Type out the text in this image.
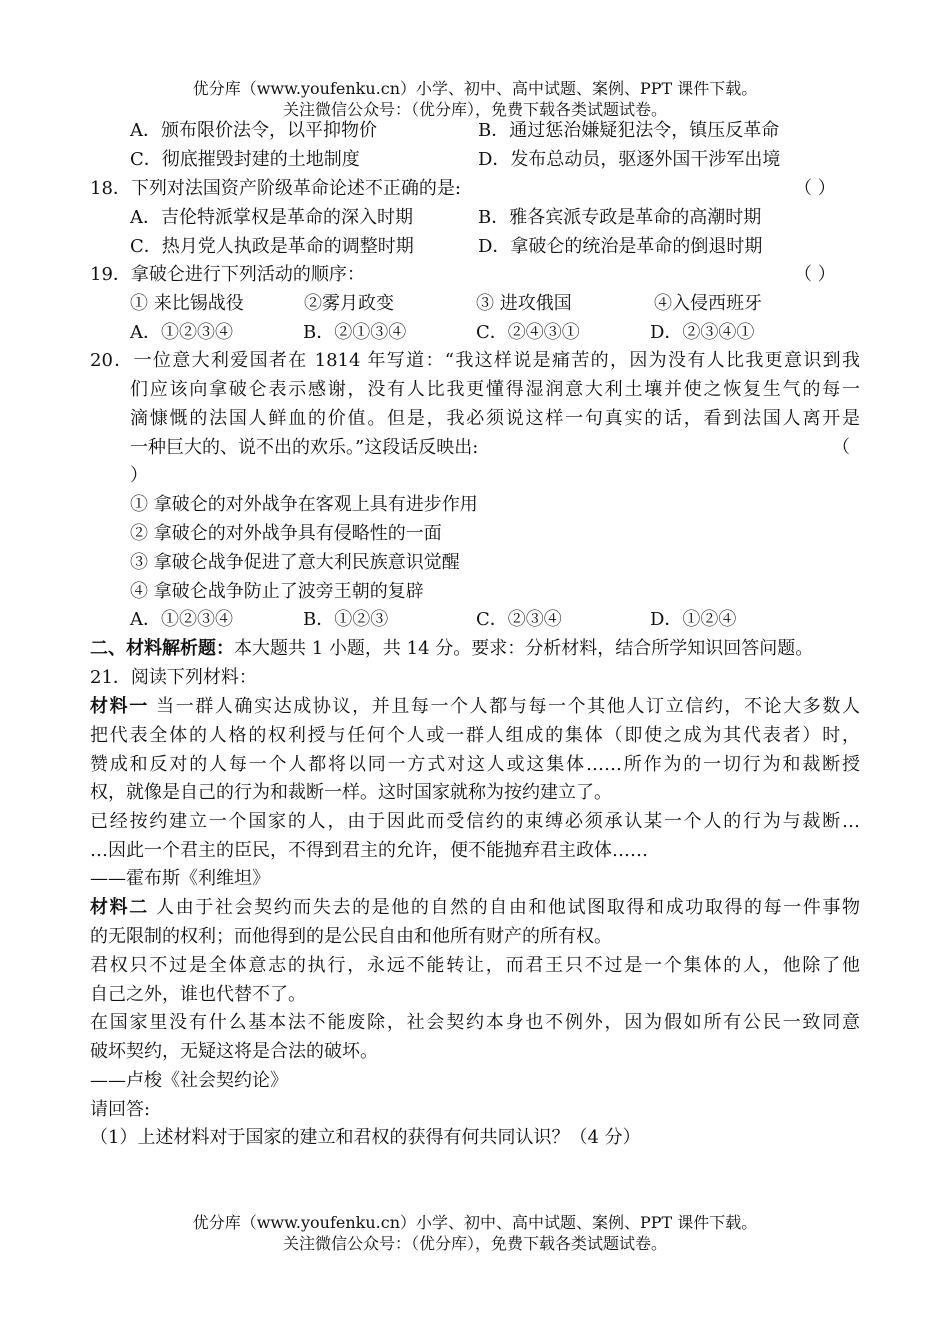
优分库（www.youfenku.cn）小学、初中、高中试题、案例、PPT 课件下载。
关注微信公众号：（优分库），免费下载各类试题试卷。
A．颁布限价法令，以平抑物价	B．通过惩治嫌疑犯法令，镇压反革命
C．彻底摧毁封建的土地制度	D．发布总动员，驱逐外国干涉军出境
18．下列对法国资产阶级革命论述不正确的是:	（ ）
A．吉伦特派掌权是革命的深入时期	B．雅各宾派专政是革命的高潮时期
C．热月党人执政是革命的调整时期	D．拿破仑的统治是革命的倒退时期
19．拿破仑进行下列活动的顺序：	（ ）
① 来比锡战役	②雾月政变	③ 进攻俄国	④入侵西班牙
A．①②③④	B．②①③④	C．②④③①	D．②③④①
20．一位意大利爱国者在 1814 年写道：“我这样说是痛苦的，因为没有人比我更意识到我
们应该向拿破仑表示感谢，没有人比我更懂得湿润意大利土壤并使之恢复生气的每一
滴慷慨的法国人鲜血的价值。但是，我必须说这样一句真实的话，看到法国人离开是
一种巨大的、说不出的欢乐。”这段话反映出:	（
）
① 拿破仑的对外战争在客观上具有进步作用
② 拿破仑的对外战争具有侵略性的一面
③ 拿破仑战争促进了意大利民族意识觉醒
④ 拿破仑战争防止了波旁王朝的复辟
A．①②③④	B．①②③	C．②③④	D．①②④
二、材料解析题：本大题共 1 小题，共 14 分。要求：分析材料，结合所学知识回答问题。
21．阅读下列材料：
材料一 当一群人确实达成协议，并且每一个人都与每一个其他人订立信约，不论大多数人
把代表全体的人格的权利授与任何个人或一群人组成的集体（即使之成为其代表者）时，
赞成和反对的人每一个人都将以同一方式对这人或这集体……所作为的一切行为和裁断授
权，就像是自己的行为和裁断一样。这时国家就称为按约建立了。
已经按约建立一个国家的人，由于因此而受信约的束缚必须承认某一个人的行为与裁断…
…因此一个君主的臣民，不得到君主的允许，便不能抛弃君主政体……
——霍布斯《利维坦》
材料二 人由于社会契约而失去的是他的自然的自由和他试图取得和成功取得的每一件事物
的无限制的权利；而他得到的是公民自由和他所有财产的所有权。
君权只不过是全体意志的执行，永远不能转让，而君王只不过是一个集体的人，他除了他
自己之外，谁也代替不了。
在国家里没有什么基本法不能废除，社会契约本身也不例外，因为假如所有公民一致同意
破坏契约，无疑这将是合法的破坏。
——卢梭《社会契约论》
请回答:
（1）上述材料对于国家的建立和君权的获得有何共同认识？（4 分）
优分库（www.youfenku.cn）小学、初中、高中试题、案例、PPT 课件下载。
关注微信公众号：（优分库），免费下载各类试题试卷。
